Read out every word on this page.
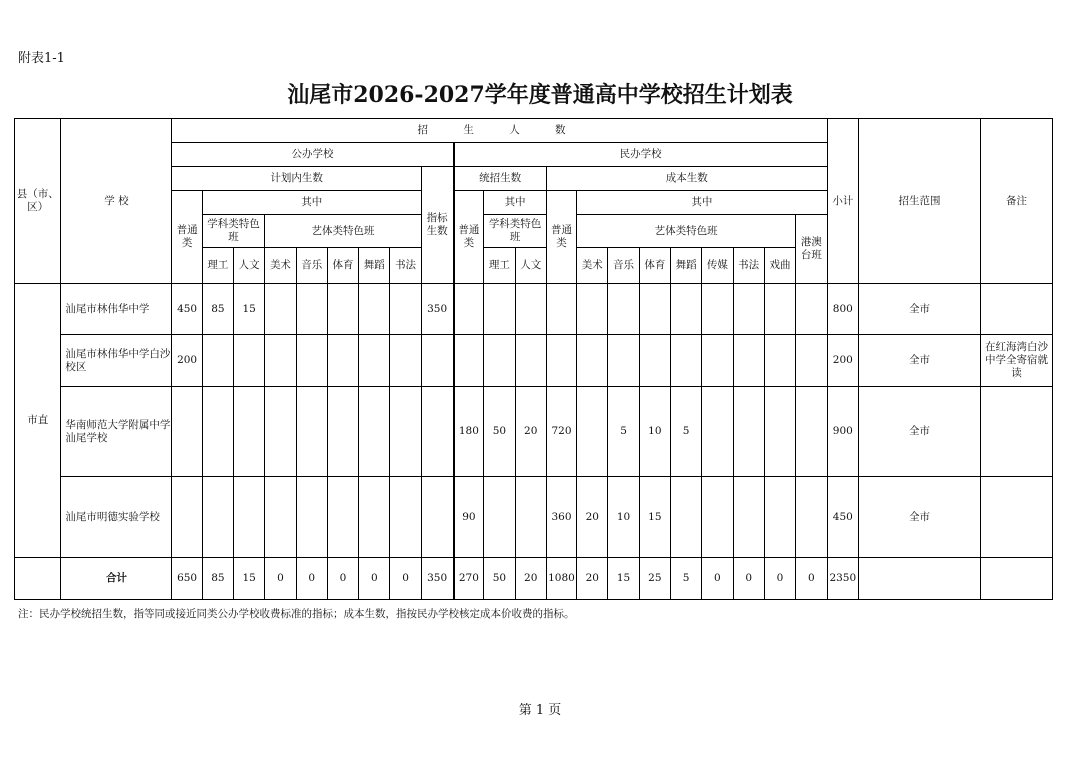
附表1-1
汕尾市2026-2027学年度普通高中学校招生计划表
县（市、区）	学 校	招 生 人 数																					小计	招生范围	备注
		公办学校									民办学校														
		计划内生数								指标生数	统招生数			成本生数											
		普通类	其中								普通类	其中		普通类	其中										
			学科类特色班		艺体类特色班							学科类特色班			艺体类特色班							港澳台班			
			理工	人文	美术	音乐	体育	舞蹈	书法			理工	人文		美术	音乐	体育	舞蹈	传媒	书法	戏曲				
市直	汕尾市林伟华中学	450	85	15						350													800	全市	
	汕尾市林伟华中学白沙校区	200																					200	全市	在红海湾白沙中学全寄宿就读
	华南师范大学附属中学汕尾学校										180	50	20	720		5	10	5					900	全市	
	汕尾市明德实验学校										90			360	20	10	15						450	全市	
	合计	650	85	15	0	0	0	0	0	350	270	50	20	1080	20	15	25	5	0	0	0	0	2350		
注：民办学校统招生数，指等同或接近同类公办学校收费标准的指标；成本生数，指按民办学校核定成本价收费的指标。
第 1 页
